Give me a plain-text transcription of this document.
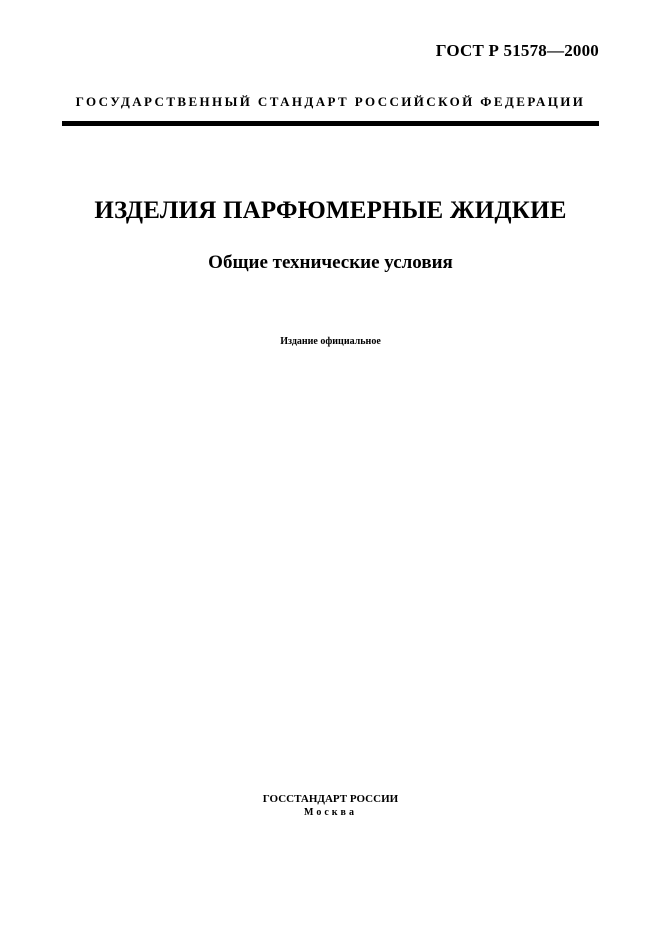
ГОСТ Р 51578—2000
ГОСУДАРСТВЕННЫЙ СТАНДАРТ РОССИЙСКОЙ ФЕДЕРАЦИИ
ИЗДЕЛИЯ ПАРФЮМЕРНЫЕ ЖИДКИЕ
Общие технические условия
Издание официальное
ГОССТАНДАРТ РОССИИ
Москва
